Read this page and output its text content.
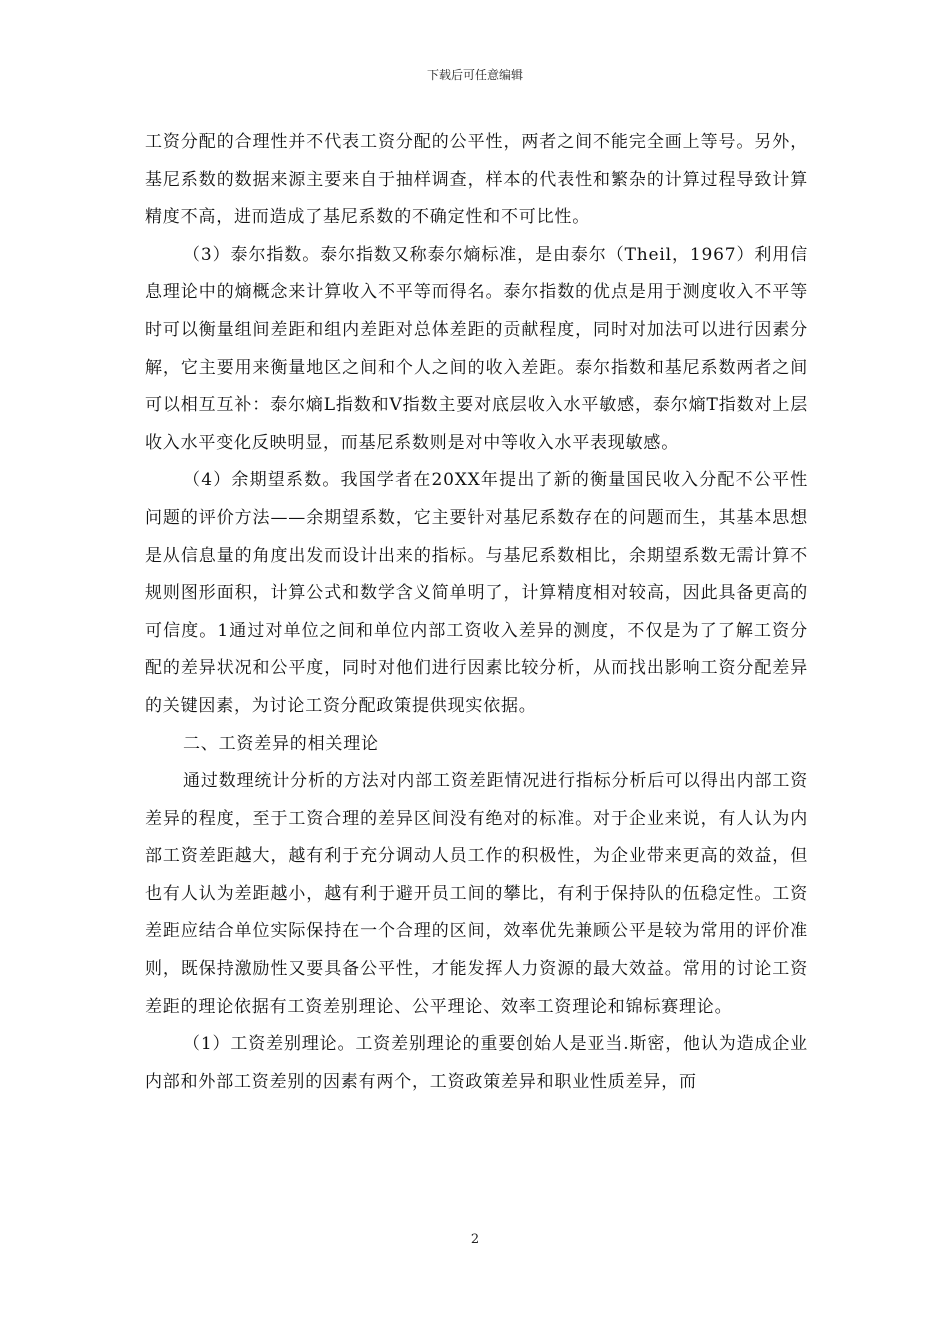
下载后可任意编辑

工资分配的合理性并不代表工资分配的公平性，两者之间不能完全画上等号。另外，基尼系数的数据来源主要来自于抽样调查，样本的代表性和繁杂的计算过程导致计算精度不高，进而造成了基尼系数的不确定性和不可比性。

（3）泰尔指数。泰尔指数又称泰尔熵标准，是由泰尔（Theil，1967）利用信息理论中的熵概念来计算收入不平等而得名。泰尔指数的优点是用于测度收入不平等时可以衡量组间差距和组内差距对总体差距的贡献程度，同时对加法可以进行因素分解，它主要用来衡量地区之间和个人之间的收入差距。泰尔指数和基尼系数两者之间可以相互互补：泰尔熵L指数和V指数主要对底层收入水平敏感，泰尔熵T指数对上层收入水平变化反映明显，而基尼系数则是对中等收入水平表现敏感。

（4）余期望系数。我国学者在20XX年提出了新的衡量国民收入分配不公平性问题的评价方法——余期望系数，它主要针对基尼系数存在的问题而生，其基本思想是从信息量的角度出发而设计出来的指标。与基尼系数相比，余期望系数无需计算不规则图形面积，计算公式和数学含义简单明了，计算精度相对较高，因此具备更高的可信度。1通过对单位之间和单位内部工资收入差异的测度，不仅是为了了解工资分配的差异状况和公平度，同时对他们进行因素比较分析，从而找出影响工资分配差异的关键因素，为讨论工资分配政策提供现实依据。

二、工资差异的相关理论

通过数理统计分析的方法对内部工资差距情况进行指标分析后可以得出内部工资差异的程度，至于工资合理的差异区间没有绝对的标准。对于企业来说，有人认为内部工资差距越大，越有利于充分调动人员工作的积极性，为企业带来更高的效益，但也有人认为差距越小，越有利于避开员工间的攀比，有利于保持队的伍稳定性。工资差距应结合单位实际保持在一个合理的区间，效率优先兼顾公平是较为常用的评价准则，既保持激励性又要具备公平性，才能发挥人力资源的最大效益。常用的讨论工资差距的理论依据有工资差别理论、公平理论、效率工资理论和锦标赛理论。

（1）工资差别理论。工资差别理论的重要创始人是亚当.斯密，他认为造成企业内部和外部工资差别的因素有两个，工资政策差异和职业性质差异，而

2
